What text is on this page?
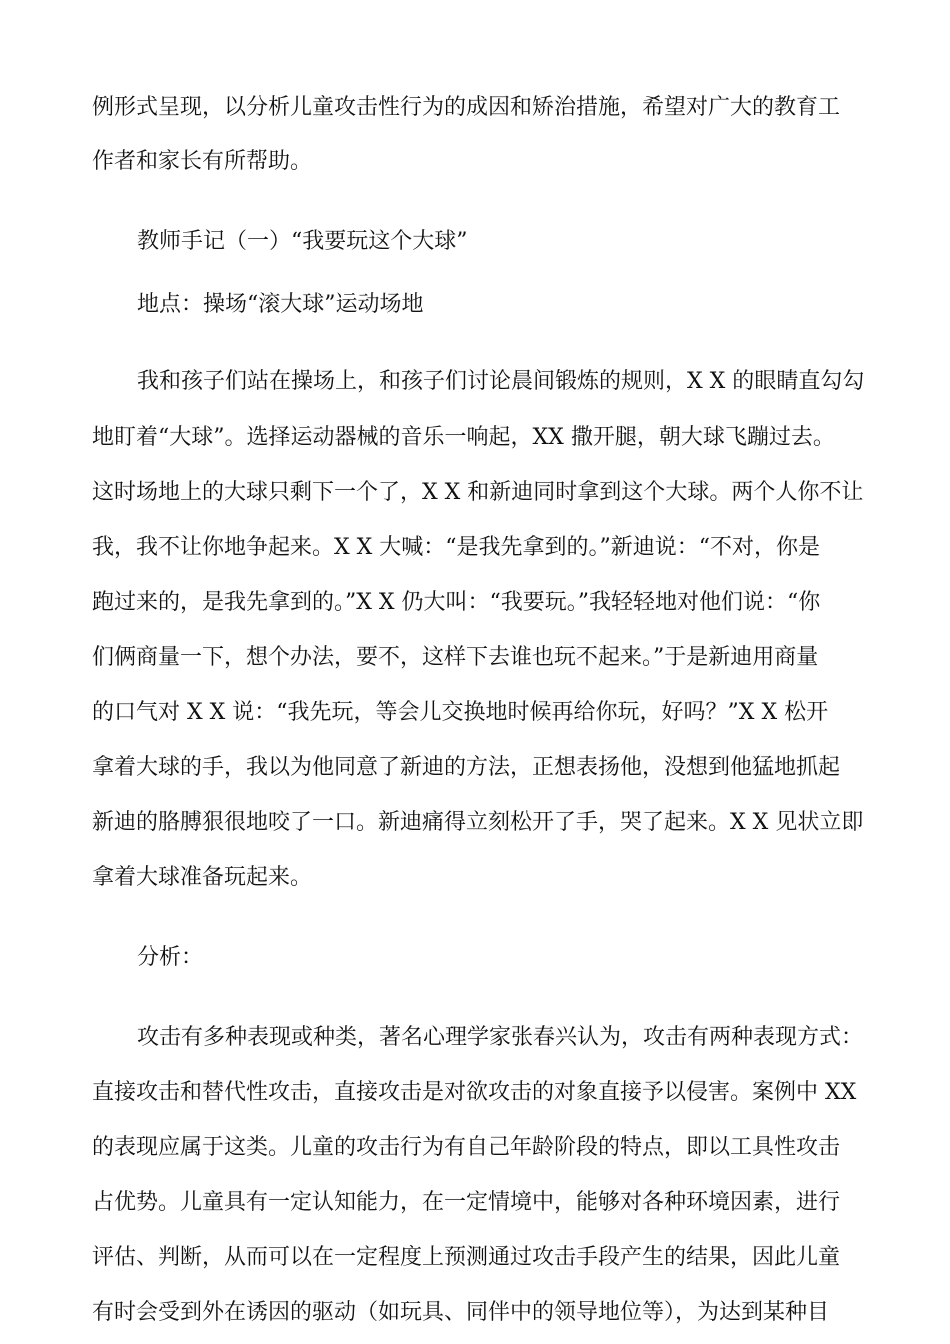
例形式呈现，以分析儿童攻击性行为的成因和矫治措施，希望对广大的教育工
作者和家长有所帮助。
教师手记（一）“我要玩这个大球”
地点：操场“滚大球”运动场地
我和孩子们站在操场上，和孩子们讨论晨间锻炼的规则，X X 的眼睛直勾勾
地盯着“大球”。选择运动器械的音乐一响起，XX 撒开腿，朝大球飞蹦过去。
这时场地上的大球只剩下一个了，X X 和新迪同时拿到这个大球。两个人你不让
我，我不让你地争起来。X X 大喊：“是我先拿到的。”新迪说：“不对，你是
跑过来的，是我先拿到的。”X X 仍大叫：“我要玩。”我轻轻地对他们说：“你
们俩商量一下，想个办法，要不，这样下去谁也玩不起来。”于是新迪用商量
的口气对 X X 说：“我先玩，等会儿交换地时候再给你玩，好吗？”X X 松开
拿着大球的手，我以为他同意了新迪的方法，正想表扬他，没想到他猛地抓起
新迪的胳膊狠很地咬了一口。新迪痛得立刻松开了手，哭了起来。X X 见状立即
拿着大球准备玩起来。
分析：
攻击有多种表现或种类，著名心理学家张春兴认为，攻击有两种表现方式：
直接攻击和替代性攻击，直接攻击是对欲攻击的对象直接予以侵害。案例中 XX
的表现应属于这类。儿童的攻击行为有自己年龄阶段的特点，即以工具性攻击
占优势。儿童具有一定认知能力，在一定情境中，能够对各种环境因素，进行
评估、判断，从而可以在一定程度上预测通过攻击手段产生的结果，因此儿童
有时会受到外在诱因的驱动（如玩具、同伴中的领导地位等），为达到某种目
